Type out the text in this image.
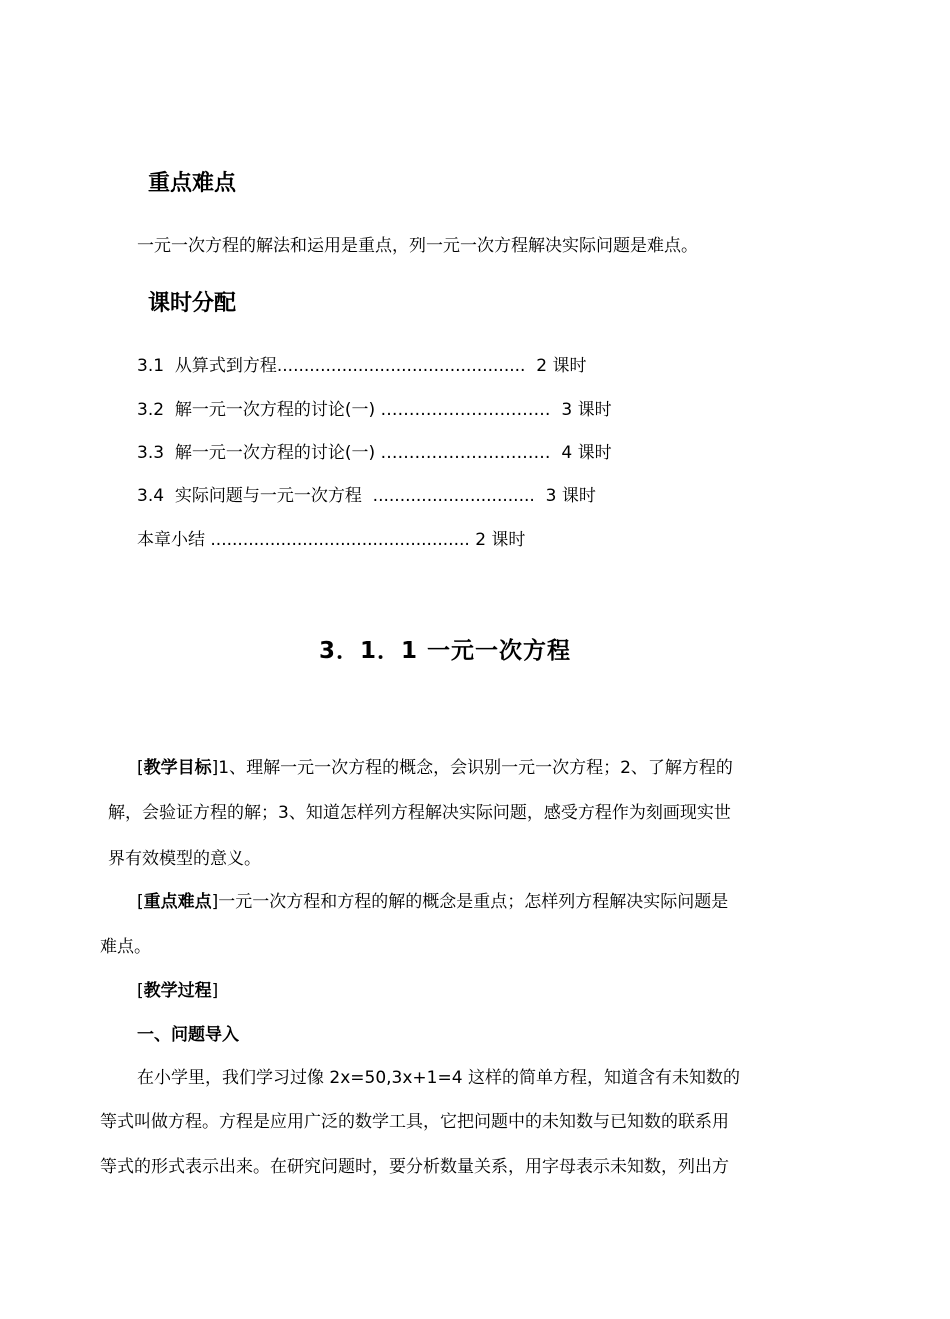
重点难点
一元一次方程的解法和运用是重点，列一元一次方程解决实际问题是难点。
课时分配
3.1 从算式到方程.............................................. 2 课时
3.2 解一元一次方程的讨论(一) ………………………… 3 课时
3.3 解一元一次方程的讨论(一) ………………………… 4 课时
3.4 实际问题与一元一次方程 .............................. 3 课时
本章小结 ................................................ 2 课时
3．1．1 一元一次方程
[教学目标]1、理解一元一次方程的概念，会识别一元一次方程；2、了解方程的
解，会验证方程的解；3、知道怎样列方程解决实际问题，感受方程作为刻画现实世
界有效模型的意义。
[重点难点]一元一次方程和方程的解的概念是重点；怎样列方程解决实际问题是
难点。
[教学过程]
一、问题导入
在小学里，我们学习过像 2x=50,3x+1=4 这样的简单方程，知道含有未知数的
等式叫做方程。方程是应用广泛的数学工具，它把问题中的未知数与已知数的联系用
等式的形式表示出来。在研究问题时，要分析数量关系，用字母表示未知数，列出方
